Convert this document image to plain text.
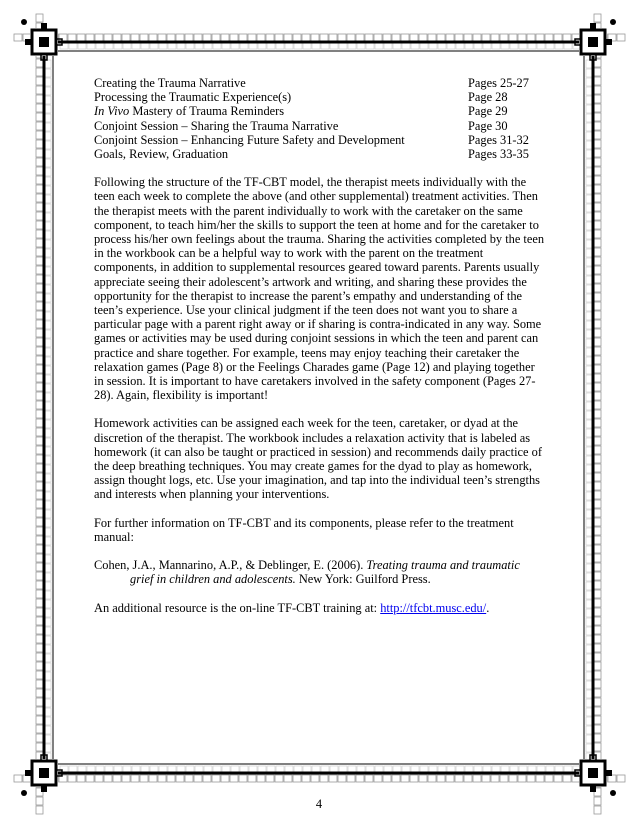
Creating the Trauma Narrative	Pages 25-27
Processing the Traumatic Experience(s)	Page 28
In Vivo Mastery of Trauma Reminders	Page 29
Conjoint Session – Sharing the Trauma Narrative	Page 30
Conjoint Session – Enhancing Future Safety and Development	Pages 31-32
Goals, Review, Graduation	Pages 33-35

Following the structure of the TF-CBT model, the therapist meets individually with the teen each week to complete the above (and other supplemental) treatment activities. Then the therapist meets with the parent individually to work with the caretaker on the same component, to teach him/her the skills to support the teen at home and for the caretaker to process his/her own feelings about the trauma. Sharing the activities completed by the teen in the workbook can be a helpful way to work with the parent on the treatment components, in addition to supplemental resources geared toward parents. Parents usually appreciate seeing their adolescent’s artwork and writing, and sharing these provides the opportunity for the therapist to increase the parent’s empathy and understanding of the teen’s experience. Use your clinical judgment if the teen does not want you to share a particular page with a parent right away or if sharing is contra-indicated in any way. Some games or activities may be used during conjoint sessions in which the teen and parent can practice and share together. For example, teens may enjoy teaching their caretaker the relaxation games (Page 8) or the Feelings Charades game (Page 12) and playing together in session. It is important to have caretakers involved in the safety component (Pages 27-28). Again, flexibility is important!

Homework activities can be assigned each week for the teen, caretaker, or dyad at the discretion of the therapist. The workbook includes a relaxation activity that is labeled as homework (it can also be taught or practiced in session) and recommends daily practice of the deep breathing techniques. You may create games for the dyad to play as homework, assign thought logs, etc. Use your imagination, and tap into the individual teen’s strengths and interests when planning your interventions.

For further information on TF-CBT and its components, please refer to the treatment manual:

Cohen, J.A., Mannarino, A.P., & Deblinger, E. (2006). Treating trauma and traumatic grief in children and adolescents. New York: Guilford Press.

An additional resource is the on-line TF-CBT training at: http://tfcbt.musc.edu/.

4
